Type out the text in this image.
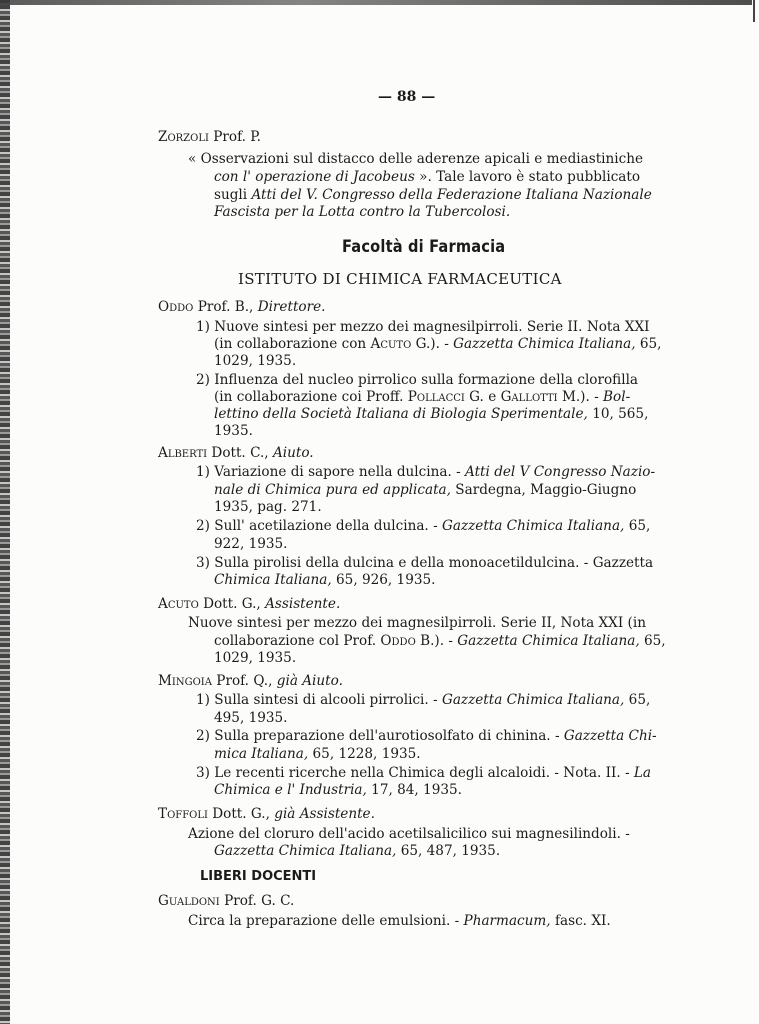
— 88 —
Zorzoli Prof. P.
« Osservazioni sul distacco delle aderenze apicali e mediastiniche
con l' operazione di Jacobeus ». Tale lavoro è stato pubblicato
sugli Atti del V. Congresso della Federazione Italiana Nazionale
Fascista per la Lotta contro la Tubercolosi.
Facoltà di Farmacia
ISTITUTO DI CHIMICA FARMACEUTICA
Oddo Prof. B., Direttore.
1) Nuove sintesi per mezzo dei magnesilpirroli. Serie II. Nota XXI
(in collaborazione con Acuto G.). - Gazzetta Chimica Italiana, 65,
1029, 1935.
2) Influenza del nucleo pirrolico sulla formazione della clorofilla
(in collaborazione coi Proff. Pollacci G. e Gallotti M.). - Bol-
lettino della Società Italiana di Biologia Sperimentale, 10, 565,
1935.
Alberti Dott. C., Aiuto.
1) Variazione di sapore nella dulcina. - Atti del V Congresso Nazio-
nale di Chimica pura ed applicata, Sardegna, Maggio-Giugno
1935, pag. 271.
2) Sull' acetilazione della dulcina. - Gazzetta Chimica Italiana, 65,
922, 1935.
3) Sulla pirolisi della dulcina e della monoacetildulcina. - Gazzetta
Chimica Italiana, 65, 926, 1935.
Acuto Dott. G., Assistente.
Nuove sintesi per mezzo dei magnesilpirroli. Serie II, Nota XXI (in
collaborazione col Prof. Oddo B.). - Gazzetta Chimica Italiana, 65,
1029, 1935.
Mingoia Prof. Q., già Aiuto.
1) Sulla sintesi di alcooli pirrolici. - Gazzetta Chimica Italiana, 65,
495, 1935.
2) Sulla preparazione dell'aurotiosolfato di chinina. - Gazzetta Chi-
mica Italiana, 65, 1228, 1935.
3) Le recenti ricerche nella Chimica degli alcaloidi. - Nota. II. - La
Chimica e l' Industria, 17, 84, 1935.
Toffoli Dott. G., già Assistente.
Azione del cloruro dell'acido acetilsalicilico sui magnesilindoli. -
Gazzetta Chimica Italiana, 65, 487, 1935.
LIBERI DOCENTI
Gualdoni Prof. G. C.
Circa la preparazione delle emulsioni. - Pharmacum, fasc. XI.
